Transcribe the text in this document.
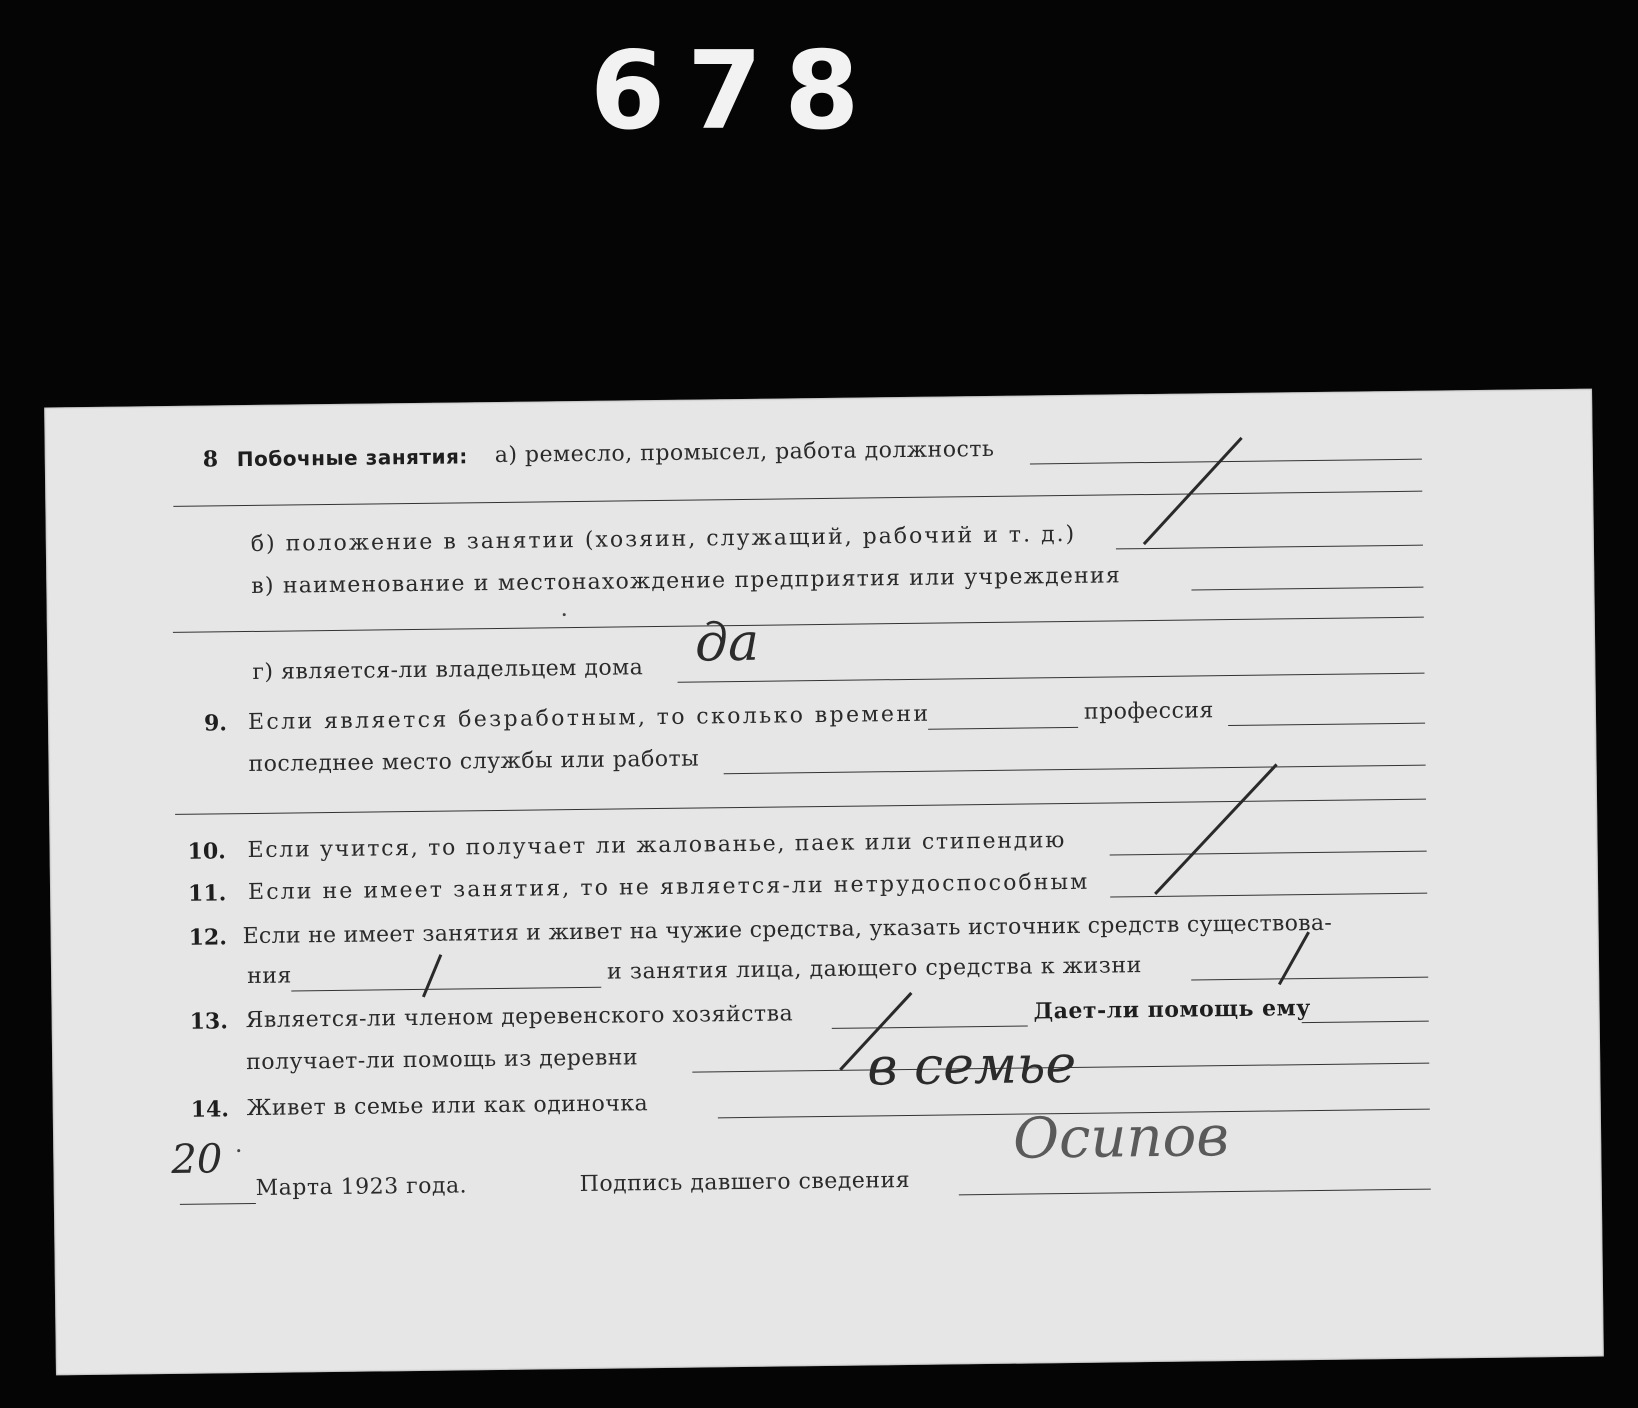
678
8 Побочные занятия: а) ремесло, промысел, работа должность
б) положение в занятии (хозяин, служащий, рабочий и т. д.)
в) наименование и местонахождение предприятия или учреждения
г) является-ли владельцем дома да
9. Если является безработным, то сколько времени	профессия
последнее место службы или работы
10. Если учится, то получает ли жалованье, паек или стипендию
11. Если не имеет занятия, то не является-ли нетрудоспособным
12. Если не имеет занятия и живет на чужие средства, указать источник средств существова-
ния	и занятия лица, дающего средства к жизни
13. Является-ли членом деревенского хозяйства	Дает-ли помощь ему
получает-ли помощь из деревни
14. Живет в семье или как одиночка
в семье
20
Марта 1923 года.	Подпись давшего сведения
Осипов
